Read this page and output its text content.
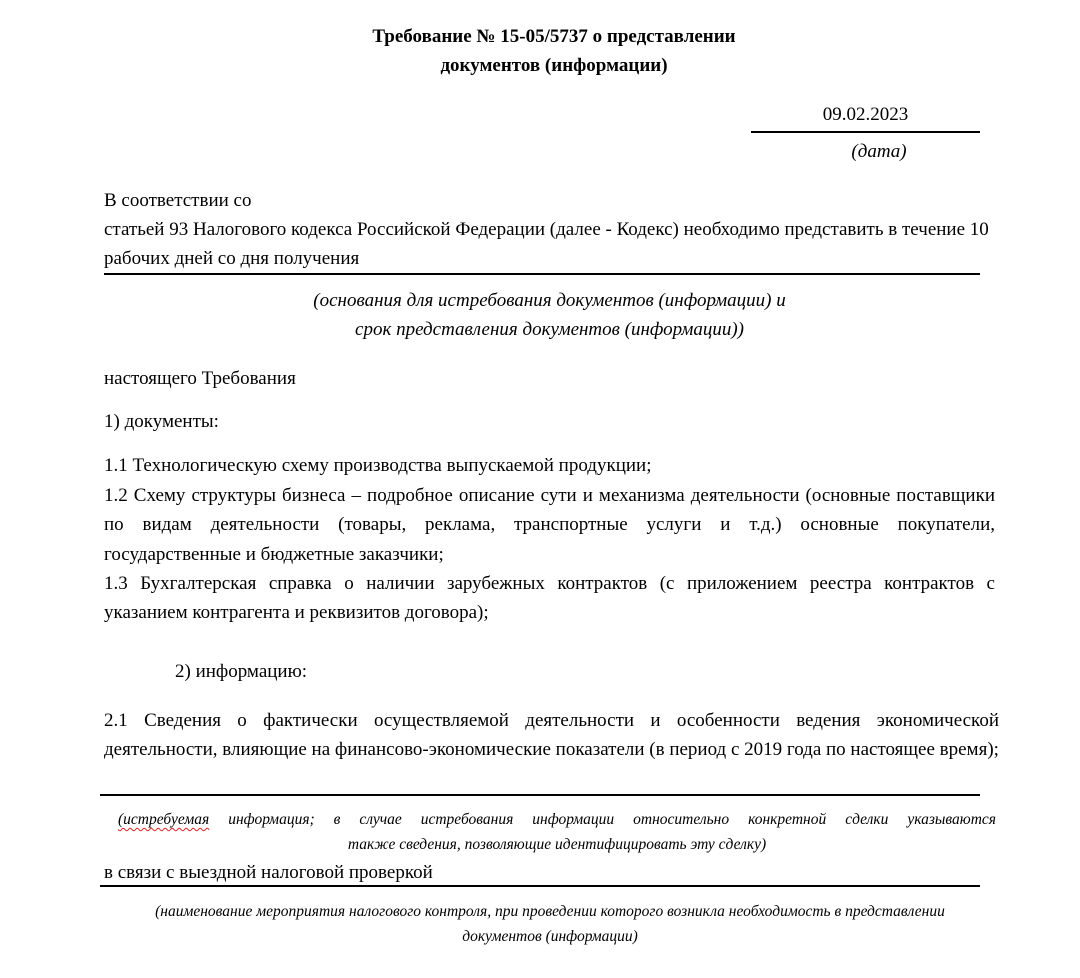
Требование № 15-05/5737 о представлении
документов (информации)
09.02.2023
(дата)
В соответствии со
статьей 93 Налогового кодекса Российской Федерации (далее - Кодекс) необходимо представить в течение 10 рабочих дней со дня получения
(основания для истребования документов (информации) и
срок представления документов (информации))
настоящего Требования
1) документы:
1.1 Технологическую схему производства выпускаемой продукции;
1.2 Схему структуры бизнеса – подробное описание сути и механизма деятельности (основные поставщики по видам деятельности (товары, реклама, транспортные услуги и т.д.) основные покупатели, государственные и бюджетные заказчики;
1.3 Бухгалтерская справка о наличии зарубежных контрактов (с приложением реестра контрактов с указанием контрагента и реквизитов договора);
2) информацию:
2.1 Сведения о фактически осуществляемой деятельности и особенности ведения экономической деятельности, влияющие на финансово-экономические показатели (в период с 2019 года по настоящее время);
(истребуемая информация; в случае истребования информации относительно конкретной сделки указываются
также сведения, позволяющие идентифицировать эту сделку)
в связи с выездной налоговой проверкой
(наименование мероприятия налогового контроля, при проведении которого возникла необходимость в представлении
документов (информации)
